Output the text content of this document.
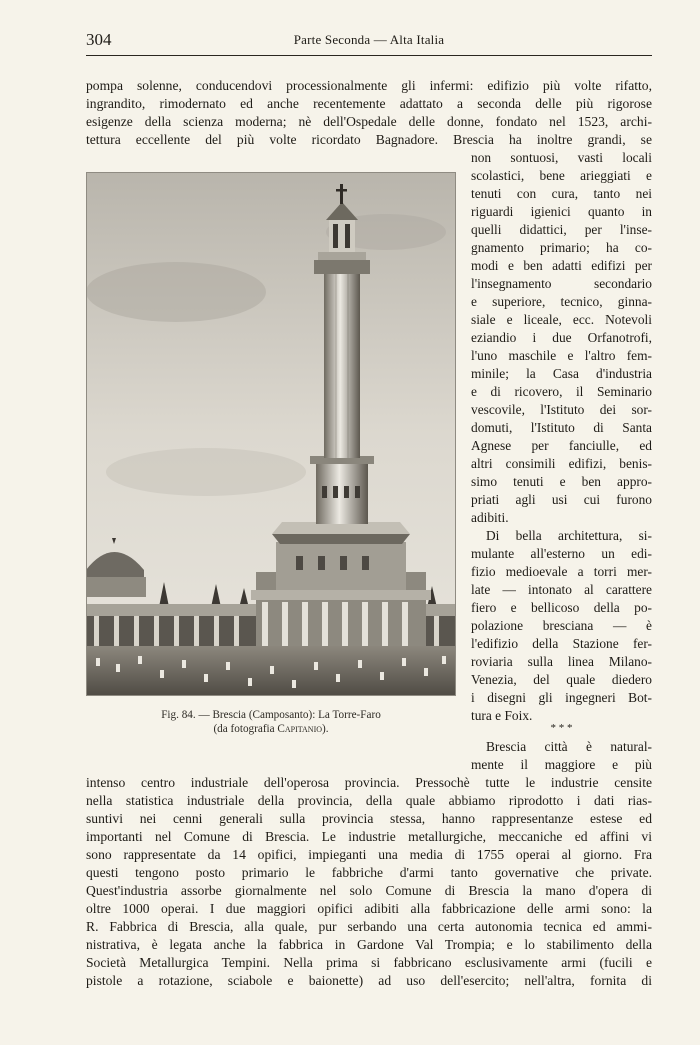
304	Parte Seconda — Alta Italia
pompa solenne, conducendovi processionalmente gli infermi: edifizio più volte rifatto,
ingrandito, rimodernato ed anche recentemente adattato a seconda delle più rigorose
esigenze della scienza moderna; nè dell'Ospedale delle donne, fondato nel 1523, archi-
tettura eccellente del più volte ricordato Bagnadore. Brescia ha inoltre grandi, se
Fig. 84. — Brescia (Camposanto): La Torre-Faro
(da fotografia Capitanio).
non sontuosi, vasti locali
scolastici, bene arieggiati e
tenuti con cura, tanto nei
riguardi igienici quanto in
quelli didattici, per l'inse-
gnamento primario; ha co-
modi e ben adatti edifizi per
l'insegnamento secondario
e superiore, tecnico, ginna-
siale e liceale, ecc. Notevoli
eziandio i due Orfanotrofi,
l'uno maschile e l'altro fem-
minile; la Casa d'industria
e di ricovero, il Seminario
vescovile, l'Istituto dei sor-
domuti, l'Istituto di Santa
Agnese per fanciulle, ed
altri consimili edifizi, benis-
simo tenuti e ben appro-
priati agli usi cui furono
adibiti.
Di bella architettura, si-
mulante all'esterno un edi-
fizio medioevale a torri mer-
late — intonato al carattere
fiero e bellicoso della po-
polazione bresciana — è
l'edifizio della Stazione fer-
roviaria sulla linea Milano-
Venezia, del quale diedero
i disegni gli ingegneri Bot-
tura e Foix.
* * *
Brescia città è natural-
mente il maggiore e più
intenso centro industriale dell'operosa provincia. Pressochè tutte le industrie censite
nella statistica industriale della provincia, della quale abbiamo riprodotto i dati rias-
suntivi nei cenni generali sulla provincia stessa, hanno rappresentanze estese ed
importanti nel Comune di Brescia. Le industrie metallurgiche, meccaniche ed affini vi
sono rappresentate da 14 opifici, impieganti una media di 1755 operai al giorno. Fra
questi tengono posto primario le fabbriche d'armi tanto governative che private.
Quest'industria assorbe giornalmente nel solo Comune di Brescia la mano d'opera di
oltre 1000 operai. I due maggiori opifici adibiti alla fabbricazione delle armi sono: la
R. Fabbrica di Brescia, alla quale, pur serbando una certa autonomia tecnica ed ammi-
nistrativa, è legata anche la fabbrica in Gardone Val Trompia; e lo stabilimento della
Società Metallurgica Tempini. Nella prima si fabbricano esclusivamente armi (fucili e
pistole a rotazione, sciabole e baionette) ad uso dell'esercito; nell'altra, fornita di
